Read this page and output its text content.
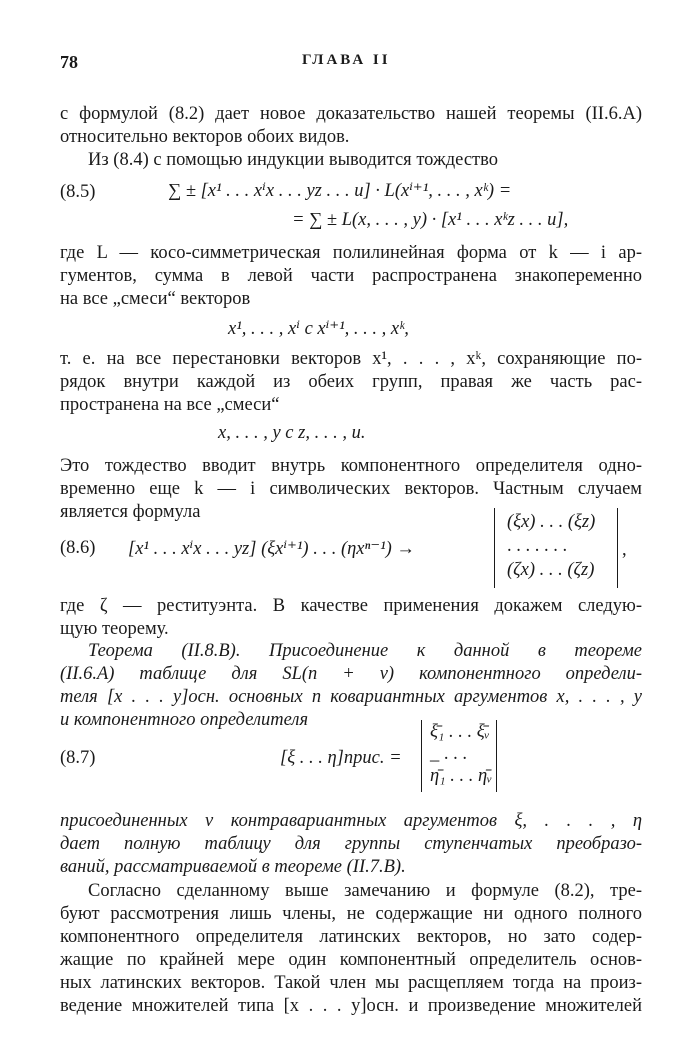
78	ГЛАВА II
с формулой (8.2) дает новое доказательство нашей теоремы (II.6.А)
относительно векторов обоих видов.
Из (8.4) с помощью индукции выводится тождество
(8.5)	∑ ± [x¹ . . . xⁱx . . . yz . . . u] · L(xⁱ⁺¹, . . . , xᵏ) =
= ∑ ± L(x, . . . , y) · [x¹ . . . xᵏz . . . u],
где L — косо-симметрическая полилинейная форма от k — i ар-
гументов, сумма в левой части распространена знакопеременно
на все „смеси“ векторов
x¹, . . . , xⁱ с xⁱ⁺¹, . . . , xᵏ,
т. е. на все перестановки векторов x¹, . . . , xᵏ, сохраняющие по-
рядок внутри каждой из обеих групп, правая же часть рас-
пространена на все „смеси“
x, . . . , y с z, . . . , u.
Это тождество вводит внутрь компонентного определителя одно-
временно еще k — i символических векторов. Частным случаем
является формула
(8.6) [x¹ . . . xⁱx . . . yz] (ξxⁱ⁺¹) . . . (ηxⁿ⁻¹) →
(ξx) . . . (ξz)
. . . . . . .
(ζx) . . . (ζz)
,
где ζ — реституэнта. В качестве применения докажем следую-
щую теорему.
Теорема (II.8.B). Присоединение к данной в теореме
(II.6.А) таблице для SL(n + ν) компонентного определи-
теля [x . . . y]осн. основных n ковариантных аргументов x, . . . , y
и компонентного определителя
(8.7)	[ξ . . . η]прис. =
ξ̄₁ . . . ξ̄ᵥ
_ . . .
η̄₁ . . . η̄ᵥ
присоединенных ν контравариантных аргументов ξ, . . . , η
дает полную таблицу для группы ступенчатых преобразо-
ваний, рассматриваемой в теореме (II.7.B).
Согласно сделанному выше замечанию и формуле (8.2), тре-
буют рассмотрения лишь члены, не содержащие ни одного полного
компонентного определителя латинских векторов, но зато содер-
жащие по крайней мере один компонентный определитель основ-
ных латинских векторов. Такой член мы расщепляем тогда на произ-
ведение множителей типа [x . . . y]осн. и произведение множителей
